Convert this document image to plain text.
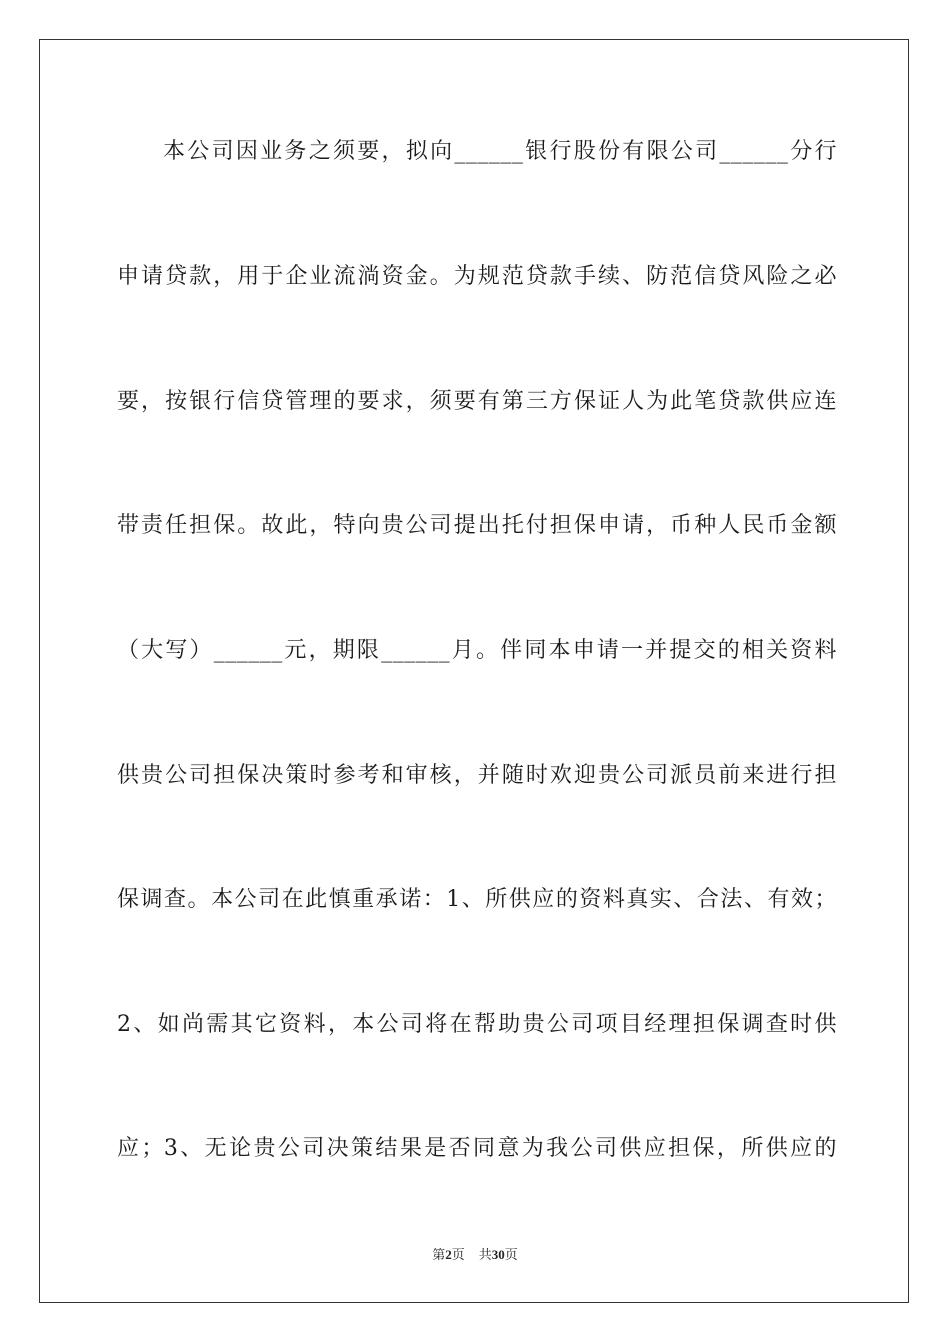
本公司因业务之须要，拟向______银行股份有限公司______分行
申请贷款，用于企业流淌资金。为规范贷款手续、防范信贷风险之必
要，按银行信贷管理的要求，须要有第三方保证人为此笔贷款供应连
带责任担保。故此，特向贵公司提出托付担保申请，币种人民币金额
（大写）______元，期限______月。伴同本申请一并提交的相关资料
供贵公司担保决策时参考和审核，并随时欢迎贵公司派员前来进行担
保调查。本公司在此慎重承诺：1、所供应的资料真实、合法、有效；
2、如尚需其它资料，本公司将在帮助贵公司项目经理担保调查时供
应；3、无论贵公司决策结果是否同意为我公司供应担保，所供应的
第2页 共30页
